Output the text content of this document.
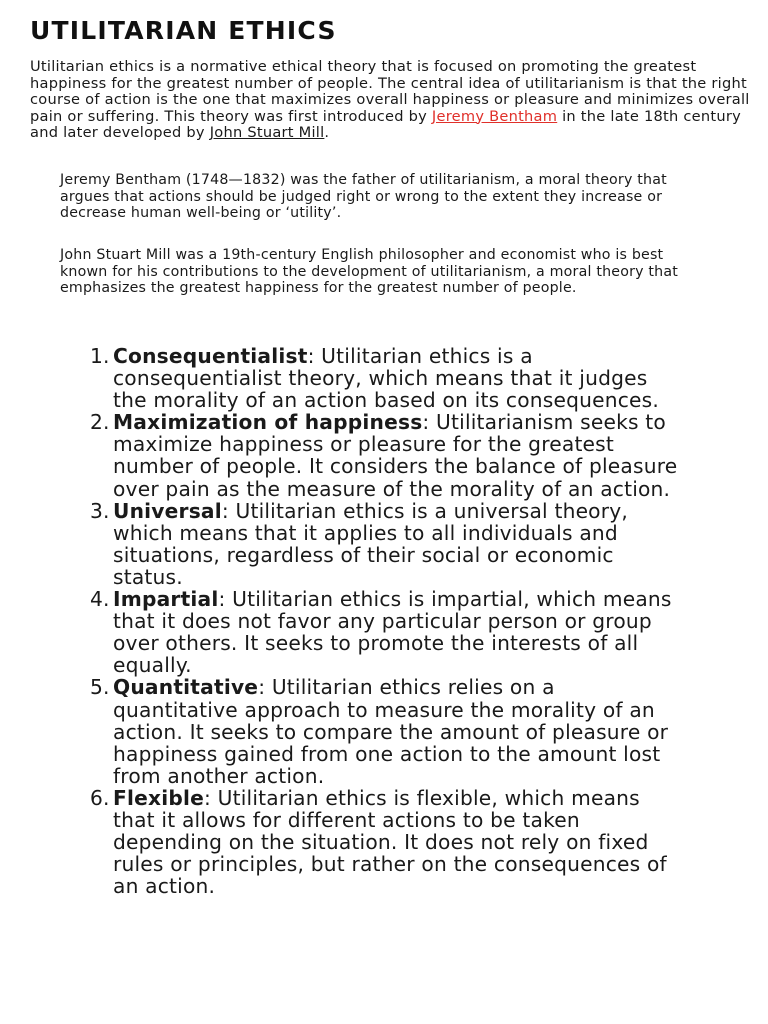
UTILITARIAN ETHICS

Utilitarian ethics is a normative ethical theory that is focused on promoting the greatest happiness for the greatest number of people. The central idea of utilitarianism is that the right course of action is the one that maximizes overall happiness or pleasure and minimizes overall pain or suffering. This theory was first introduced by Jeremy Bentham in the late 18th century and later developed by John Stuart Mill.

Jeremy Bentham (1748—1832) was the father of utilitarianism, a moral theory that argues that actions should be judged right or wrong to the extent they increase or decrease human well-being or ‘utility’.

John Stuart Mill was a 19th-century English philosopher and economist who is best known for his contributions to the development of utilitarianism, a moral theory that emphasizes the greatest happiness for the greatest number of people.

1. Consequentialist: Utilitarian ethics is a consequentialist theory, which means that it judges the morality of an action based on its consequences.
2. Maximization of happiness: Utilitarianism seeks to maximize happiness or pleasure for the greatest number of people. It considers the balance of pleasure over pain as the measure of the morality of an action.
3. Universal: Utilitarian ethics is a universal theory, which means that it applies to all individuals and situations, regardless of their social or economic status.
4. Impartial: Utilitarian ethics is impartial, which means that it does not favor any particular person or group over others. It seeks to promote the interests of all equally.
5. Quantitative: Utilitarian ethics relies on a quantitative approach to measure the morality of an action. It seeks to compare the amount of pleasure or happiness gained from one action to the amount lost from another action.
6. Flexible: Utilitarian ethics is flexible, which means that it allows for different actions to be taken depending on the situation. It does not rely on fixed rules or principles, but rather on the consequences of an action.
